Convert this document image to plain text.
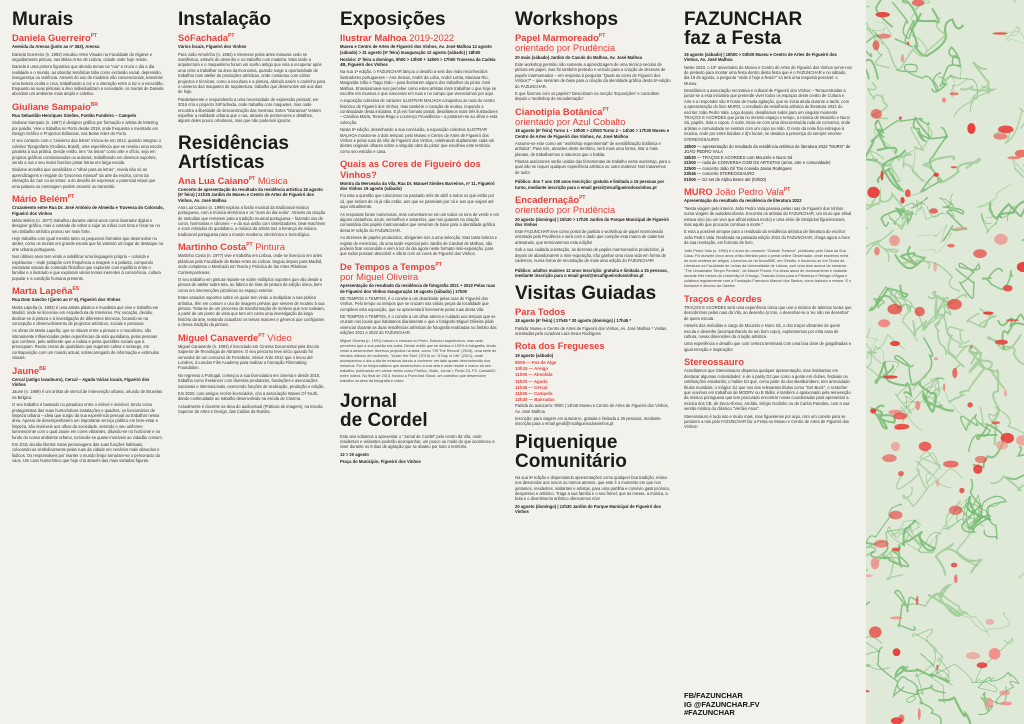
Murais
Daniela Guerreiro$^{PT}$
Avenida da Areosa (junto ao nº 363), Areosa

Daniela Guerreiro (n. 1992) estudou Artes Visuais na Faculdade do Algarve e seguidamente pintura, nas Belas Artes de Lisboa, cidade onde hoje reside.

Daniela é uma pintora figurativa que aborda temas na "rua" e cruza o dia a dia realidade e o mundo, ao abordar temáticas tabu como exclusão social, depressão, insegurança ou violência. Através do uso de modelos não convencionais, transmite uma beleza oculta e crua, trabalhando a cor e a interação entre a luz e a escuridão. Enquanto as suas pinturas a óleo individualizam a sociedade, os murais de Daniela abordam um ambiente mais amplo e coletivo.

Giuliane Sampaio$^{BR}$
Rua Sebastião Henriques Simões, Fontão Fundeiro – Campelo

Giuliane Sampaio (n. 1987) é designer gráfica por formação e artista de lettering por paixão. Vive e trabalha no Porto desde 2018, onde frequenta o mestrado em Design Gráfico e Projectos Editoriais, nas Belas Artes do Porto.

O seu contacto com o "universo das letras" iniciou-se em 2014, quando integrou o coletivo Tipografarte (Goiânia, Brasil), uma experiência que se revelou uma escola paralela à sua prática. Desde então, tem "as letras" como arte e ofício, seja em projetos gráficos comissionados ou autorais, trabalhando em diversos suportes, sendo a rua o seu maior fascínio pintar letras em larga escala.

Giuliane acredita que sensibilizar o "olhar para as letras", revela não só as aprendizagens e resgate do "processo manual" da arte da escrita, como da interação da 'rua' ou as letras: a do desafio de expressar o potencial visual que uma palavra ou mensagem podem assumir ou transmitir.

Mário Belém$^{PT}$
Cruzamento entre Rua Dr. José António de Almeida e Travessa do Colorado, Figueiró dos Vinhos

Mário Belém (n. 1977) trabalhou durante vários anos como ilustrador digital e designer gráfico, mas a vontade de voltar a sujar as mãos com tinta e focar-se no seu trabalho artístico provou ser mais forte.

Hoje trabalha com igual mestria tanto os pequenos formatos que desenvolve no atelier, como os murais em grande escala que foi valendo um lugar de destaque na arte urbana portuguesa.

Nos últimos anos tem vindo a solidificar uma linguagem própria – colorida e espirituosa – onde justapõe com frequência a imagem e a palavra, compondo narrativas visuais de conteúdo filosófico que exploram com equilíbrio entre o familiar e o ilustrado e que exploram vários temas inerentes à consciência, cultura popular e a condição humana presente.

Marta Lapeña$^{ES}$
Rua Dom Sancho I (junto ao nº 6), Figueiró dos Vinhos

Marta Lapeña (n. 1993) é uma artista plástica e muralista que vive e trabalha em Madrid, onde se licenciou em Arquitectura de Interiores. Por vocação, decidiu dedicar-se à pintura e à investigação de diferentes técnicas, focando-se na concepção e desenvolvimento de projectos artísticos, sociais e pessoais.

As obras de Marta Lapeña, que se situam entre a pintura e o muralismo, são intimamente influenciadas pelas experiências da vida quotidiana, pelas pessoas que conhece, pelo ambiente que a rodeia e pelas questões sociais que a preocupam. Recria cenas do quotidiano que sugerem calma e sossego, em contraposição com um mundo actual, sobrecarregado de informação e estímulos visuais.

Jaune$^{BE}$
Cercal (antigo lavadouro), Cercal – Aguda Várias locais, Figueiró dos Vinhos

Jaune (n. 1989) é um artista de stencil de intervenção urbana, oriundo de Bruxelas na Bélgica.

O seu trabalho é baseado no paradoxo entre o visível e invisível, tendo como protagonistas das suas humorísticas instalações e quadros, os funcionários de limpeza urbana – ideia que surgiu da sua experiência pessoal ao trabalhar nessa área. Apesar de desempenharem um importante serviço público em bem-estar e limpeza, são invisíveis aos olhos da sociedade, vestindo o seu uniforme luminescente com o qual Jaune em cores vibrantes, diluindo-se no horizonte e no fundo do nosso ambiente urbano, tornando-se quase invisíveis ao cidadão comum.

Em 2011 decidiu libertar estas personagens das suas funções habituais, colocando-as simbolicamente pelas ruas da cidade em cenários mais absurdos e lúdicos. Os responsáveis por manter o mundo limpo tornaram-se o personacto do caos. Um caos humorístico que hoje cria através das mais variadas figuras.

Instalação
SóFachada$^{PT}$
Vários locais, Figueiró dos Vinhos

Para João Amorinho (n. 1984) e interesse pelas artes manuais cedo se manifestou, através do desenho e no trabalho com madeira. Mais tarde a arquitectura e o maquetismo foram um sonho antigo que viria a recuperar após uma crise a trabalhar na área da Economia, quando surge a oportunidade de trabalhar num atelier de produções artísticas, onde contactou com vários projectos e técnicas, como a escultura e a pintura, abrindo assim o caminho para o universo das maquetes de arquitectura, trabalho que desenvolve até aos dias de hoje.

Paralelamente e respondendo a uma necessidade de expressão pessoal, em 2016 cria o projecto SóFachada, onde trabalha com maquetes, mas onde encontra a liberdade de desconstrução das mesmas. Estes "Diaramas" tentam espelhar a realidade urbana que o rua, através de pormenores e detalhes, alguns deles pouco ortodoxos, mas que não podemos ignorar.

Residências
Artísticas
Ana Lua Caiano$^{PT}$ Música
Concerto de apresentação do resultado da residência artística 18 agosto (6ª feira) | 21h30 Jardim do Museu e Centro de Artes de Figueiró dos Vinhos, Av. José Malhoa

Ana Lua Caiano (n. 1999) explora a fusão musical da tradicional música portuguesa, com a música eletrónica e os "sons do dia-a-dia". Através da criação de melodias que remetem para a tradição musical portuguesa – fazendo uso de coros, harmonias e cânones – e da sua união com sintetizadores, beat-machines e sons retirados do quotidiano, a música da artista traz a herança da música tradicional portuguesa para o mundo moderno, electrónico e tecnológico.

Martinho Costa$^{PT}$ Pintura

Martinho Costa (n. 1977) vive e trabalha em Lisboa, onde se licenciou em artes plásticas pela Faculdade de Belas-Artes de Lisboa. Seguiu depois para Madrid, onde completou o Mestrado em Teoria y Práctica de las Artes Plásticas Contemporáneas.

O seu trabalho em pintura reparte-se sobre múltiplos suportes que vão desde a pintura de atelier sobre tela, ao fabrico de tinta de pintura de edição única, bem como em intervenções pictóricas no espaço exterior.

Estes variados suportes sobre os quais tem vindo a multiplicar a sua prática artística, têm em comum o uso de imagens prévias que servem de modelo à sua pintura. Trata-se de um processo de transformação de motivos que nos rodeiam, a partir de um ponto de vista que tem em conta uma investigação da larga história da arte, tentando actualizar os temas maiores e géneros que configuram a densa tradição da pintura.

Miguel Canaverde$^{PT}$ Vídeo

Miguel Canaverde (n. 1993) é licenciado em Cinema Documental pela Escola Superior de Tecnologia de Abrantes. O seu percurso teve início quando foi vencedor de um concurso de Ferrabrás, Sénior Ardo 2012 que o levou até Londres, à London Film Academy para realizar a formação Filmmaking Foundation.

No regresso a Portugal, começou a sua licenciatura em cinema e desde 2015, trabalha como freelancer com diversas produtoras, fundações e associações nacionais e internacionais, exercendo funções de realização, produção e edição.

Em 2020, com amigos recém-licenciados, cria a associação Waves Of Youth, dando continuidade ao trabalho desenvolvido na escola de Cinema.

Actualmente é docente na área do audiovisual (Práticas de imagem), na Escola Superior de Artes e Design, das Caldas da Rainha.

Exposições
Ilustrar Malhoa 2019-2022
Museu e Centro de Artes de Figueiró dos Vinhos, Av. José Malhoa 12 agosto (sábado) > 31 agosto (5ª feira) Inauguração 12 agosto (sábado) | 18h00
Horário: 2ª feira a domingo, 9h00 > 13h00 + 14h00 > 17h00 Travessa da Cadeia 4B, Figueiró dos Vinhos

Na sua 1ª edição, o FAZUNCHAR lançou o desafio a seis dos mais reconhecidos ilustradores portugueses – Ana Seixas, André da Loba, André Letria, Mariana Rio, Margarida Gião e Tiago Galo – para ilustrarem alguns dos trabalhos do pintor José Malhoa. Entusiasmava-nos perceber como estes artistas iriam trabalhar o que hoje se escolhe em museus e que nasceram em ruas e no campo que vivenciamos por aqui.

A exposição colectiva de cartazes ILUSTRAR MALHOA conquistou as ruas do centro histórico de Figueiró dos Vinhos, mas também o coração de muitos, impondo a continuidade desta iniciativa. E já em formato postal, desafiamos mais três ilustradores – Carolina Maria, Teresa Rego e Lourenço Providência – a juntarem-se ao olhar e esta colecção.

Nesta 5ª edição, desenhando a sua conclusão, a exposição colectiva ILUSTRAR MALHOA mostra-se a dois tempos: pelo Museu e Centro de Artes de Figueiró dos Vinhos e pelas ruas da Vila de Figueiró dos Vinhos, celebrando duplamente cada um destes originais olhares sobre a singular obra do pintor que escolheu este território como seu estúdio e casa.

Quais as Cores de Figueiró dos Vinhos?
Montra da Mercearia da Vila, Rua Dr. Manuel Simões Barreiros, nº 11, Figueiró dos Vinhos 19 agosto (sábado)

Foi esta a questão que colocámos no passado mês de abril a todos os que estão por cá, que seriam de cá já não estão, aos que se passeiam por cá e aos que viajam até aqui virtualmente.

As respostas foram numerosas, mas convertam-se em um todos os tons de verde e em alguns castanhos, azuis, vermelhos e amarelos, que nos guiaram na criação comunitária dos papéis marmoreados que serviram de base para a identidade gráfica desta 5ª edição do FAZUNCHAR.

Ao dezenas de papéis produzidos, obrigaram-nos a uma selecção. Mas tanta beleza e registo de memórias, da uma tarde especial pelo Jardim de Cardeal de Malhoa, não poderia ficar escondido e vem à luz do dia agora neste formato mini-exposição, para que todos possam descobrir e vibrar com as cores de Figueiró dos Vinhos.

De Tempos a Tempos$^{PT}$
por Miguel Oliveira
Apresentação do resultado da residência de fotografia 2021 + 2022 Pelas ruas de Figueiró dos Vinhos Inauguração 19 agosto (sábado) | 17h00

DE TEMPOS A TEMPOS, é o convite a um deambular pelas ruas de Figueiró dos Vinhos. Pelo tempo ou tempos que se cruzam nas várias peças da localidade que compõem esta exposição, que se apresentará livremente pelas ruas desta Vila.

DE TEMPOS A TEMPOS, é o convite a um olhar atento e cuidado aos tempos que se cruzam nos locais que habitamos diariamente e que o fotógrafo Miguel Oliveira pôde vivenciar durante as duas residências artísticas de fotografia realizadas no âmbito das edições 2021 e 2022 do FAZUNCHAR.

Miguel Oliveira (n. 1991) nasceu e cresceu no Porto. Estudou arquitectura, mas cedo percebeu que a sua paixão era outra. Desde então que se dedica a 100% à fotografia, tendo vindo a desenvolver diversos projectos na área, como "Off The Record" (2015), uma série de retratos íntimos de mulheres, "Under the Skin" (2015) ou "A Day in Life" (2021), onde acompanhou o dia-a-dia de músicos dando a conhecer um lado quase desconhecido dos mesmos. Foi no fotojornalismo que desenvolveu a sua veia e onde reside o marco do seu trabalho, publicando em vários meios como Público, Visão, Jornal i, Ponto 24, P3, CamaNiO, entre outros. No final de 2013, fundou a Point And Shoot, um colectivo que desenvolve trabalho na área da fotografia e vídeo.

Jornal
de Cordel

Este ano voltamos a apresentar o "Jornal de Cordel" pelo centro da Vila, onde residentes e visitantes poderão acompanhar, um pouco ou muito do que aconteceu a viver durante os 9 dias de agitação que se abateu por todo o território.

12 > 20 agosto
Praça do Município, Figueiró dos Vinhos
Workshops
Papel Marmoreado$^{PT}$
orientado por Prudência
20 maio (sábado) Jardim do Casulo do Malhoa, Av. José Malhoa

Este workshop permitiu não somente a aprendizagem de uma técnica secular de pintura em papel, mas foi também pretexto e veículo para a criação de dezenas de papéis marmoreados – em resposta à pergunta "Quais as cores de Figueiró dos Vinhos?" – que serviram de base para a criação da identidade gráfica desta 5ª edição do FAZUNCHAR.

E que fizemos com os papéis? Descubram na secção 'Exposições' e consultem depois o 'workshop de encadernação'.

Cianotipia Botânica$^{PT}$
orientado por Azul Cobalto
18 agosto (6ª feira) Turno 1 – 10h00 > 13h00 Turno 2 – 14h30 > 17h30 Museu e Centro de Artes de Figueiró dos Vinhos, Av. José Malhoa

Assume-se este como um "workshop experimental" de sensibilização botânica e artística". Para nós, amantes deste território, será mais uma forma, tirar a mais plantas, de trabalharmos a natureza que o habita.

Plantas autóctones serão unidas das ferramentas de trabalho neste workshop, para o qual não se requer qualquer experiência artística ou outro material. Nós trataremos de tudo!

Público: dos 7 aos 100 anos Inscrição: gratuita e limitada a 15 pessoas por turno, mediante inscrição para o email geral@mcafigueirodosvinhos.pt

Encadernação$^{PT}$
orientado por Prudência
20 agosto (domingo) | 15h30 > 17h30 Jardim do Parque Municipal de Figueiró dos Vinhos

Este FAZUNCHAR leve como portal de partida o workshop de papel marmoreado orientado pela Prudência e será com o dado que compõe esta marca de cadernos artesanais, que terminaremos esta edição!

Sob a sua cuidada orientação, as dezenas de papéis marmoreados produzidos, já depois de abandonarem a mini-exposição, irão ganhar uma nova vida em forma de cadernos, numa forma de recordação de mais uma edição do FAZUNCHAR!

Público: adultos maiores 12 anos Inscrição: gratuita e limitada a 15 pessoas, mediante inscrição para o email geral@mcafigueirodosvinhos.pt

Visitas Guiadas
Para Todos
18 agosto (6ª feira) | 17h45 * 20 agosto (domingo) | 17h45 *

Partida: Museu e Centro de Artes de Figueiró dos Vinhos, Av. José Malhoa * Visitas orientadas pela curadora Lara Seixo Rodrigues

Rota dos Fregueses
19 agosto (sábado)
9h00 — Foz de Alge
10h15 — Areiga
11h00 — Almofala
11h20 — Aguda
11h45 — Cercal
11h55 — Campelo
12h30 — Bairradas

Partida do autocarro: 9h00 | 14h45 Museu e Centro de Artes de Figueiró dos Vinhos, Av. José Malhoa

Inscrição: para viagem em autocarro, gratuita e limitada a 25 pessoas, mediante inscrição para o email geral@mcafigueirodosvinhos.pt

Piquenique
Comunitário

Na sua 5ª edição e dispensando apresentações como qualquer boa tradição, reúna-nos desvendar aos novos ou menos atentos, que este é o momento em que nos juntamos, residentes, visitantes e artistas, para uma partilha e convívio gastronómico, despontivo e artístico. Traga a sua família e o seu farnel, que as mesas, a música, a bola e o divertimento artístico oferecemos nós!

20 agosto (domingo) | 12h30 Jardim do Parque Municipal de Figueiró dos Vinhos
FAZUNCHAR
faz a Festa
19 agosto (sábado) | 18h00 > 03h00 Museu e Centro de Artes de Figueiró dos Vinhos, Av. José Malhoa

Neste 2023, o 10º aniversário do Museu e Centro de Artes de Figueiró dos Vinhos serve-nos de pretexto para montar uma festa dentro desta festa que é o FAZUNCHAR e no sábado, dia 19 de agosto, a pergunta "onde é hoje a festa?" só terá uma resposta possível: o Museu.

Desafiámos a associação recreativa e cultural de Figueiró dos Vinhos – Terracentradas a juntar-se a esta iniciativa que pretende viver todos os espaços deste centro de Cultura e Arte e a responder são 9 horas de muita agitação, que se inicia ainda durante a tarde, com a apresentação do livro MURO, o resultado da residência artística de literatura 2022 do escritor João Pedro Vala. Logo depois, desafiamos todos para um singular momento TRAÇOS E ACORDES que junta no mesmo espaço e tempo, a música de Mouzelo e Nuno Sá, papéis, tinta e copos. À noite, inicia-se com uma desconstruída roda de conversa, onde artistas e comunidade se sentam com um copo na mão. O resto da noite fica entregue à música, onde por entre bandas e dj's locais, se destaca a presença do sempre enorme STEREOSSAURO!

18h00 — apresentação do resultado da residência artística de literatura 2022 "MURO" de JOÃO PEDRO VALA
18h30 — TRAÇOS E ACORDES com Mouzelo e Nuno Sá
21h00 — roda de CONVERSA COM OS ARTISTAS (amor, arte e comunidade)
22h00 — concerto João Gil Trio convida Joana Rodrigues
23h45 — concerto STEREOSSAURO
01h00 — DJ set de Alpha Betes até (03h00)
MURO João Pedro Vala$^{PT}$
Apresentação do resultado da residência de literatura 2022

"Nesta viagem pelo interior, João Pedro Vala passeia pelas ruas de Figueiró dos Vinhos numa viagem de autodescoberta. Encontra os artistas do FAZUNCHAR, um muro que afinal estava vivo (ou um vivo que afinal estava morto) e uma série de intrépidos figueiroenses, mas aquilo que procuras continua a morte."

E esta a possível sinopse para o resultado da residência artística de literatura do escritor João Pedro Vala. Realizada na passada edição 2022 do FAZUNCHAR, chega agora a hora da sua revelação, em formato de livro.

João Pedro Vala (n. 1990) é o autor do romance "Grande Turismo", publicado pela Casa da Sua Casa. Foi durante cinco anos crítico literário para o jornal online Observador, onde escreveu meia de uma centena de artigos. Licenciou-se na NovaSBE, em Gestão, e doutorou-se em Teoria da Literatura na Faculdade de Letras da Universidade de Lisboa, com uma tese acerca do romance "The Unnamable Tempo Perdido", de Marcel Proust. Foi ainda aluno de doutoramento e visitante durante três meses da University of Chicago. Traduziu livros para a Presença e Relógio d'Água e colabora regularmente com a Fundação Francisco Manuel dos Santos, como tradutor e revisor. É o fundador e director da Gázeta.

Traços e Acordes

TRAÇOS E ACORDES será uma experiência única que une a música de talentos locais que descobrimos pelas ruas da Vila, ao desenho (o tom, o desenhar-se a 'eu não sei desenhar' de quem escuta.

Através das melodias a cargo de Mouzelo e Nuno Sá, o dos traços vibrantes de quem escuta e desenhe (acompanhando de um bom copo), exploraremos por esta casa de cultura, novas dimensões da criação artística.

Uma experiência e desafio que com certeza terminará com uma boa dose de gargalhadas e igual emoção e inspiração!

Stereossauro

Acreditamos que Stereossauro dispensa qualquer apresentação, mas insistamos em destacar algumas curiosidades: é de o parity DJ que como a gente em clubes, festivais ou celebrações estudantis; o habite DJ que, como parte do duo Beatbombers, tem arrecadado títulos mundiais; o mágico DJ que nos dos relevantes títulos como "Get Buck"; o scratcher que ouvimos em trabalhos de MGDRV ou B Skilla; é também o apaixonado pela reinvenção da música portuguesa que tem procurado encontrar novas coordenadas para apresentar a música dos CB, de Zeca Afonso, Amália, Sérgio Godinho ou de Carlos Paredes, com a sua versão mística do clássico "Verdes Anos".

Stereossauro é tudo isto e muito mais, mas figueirense por aqui, com um convite para se juntarem a nós pelo FAZUNCHAR faz a Festa no Museu e Centro de Artes de Figueiró dos Vinhos!

FB/FAZUNCHAR
IG @FAZUNCHAR.FV
#FAZUNCHAR
